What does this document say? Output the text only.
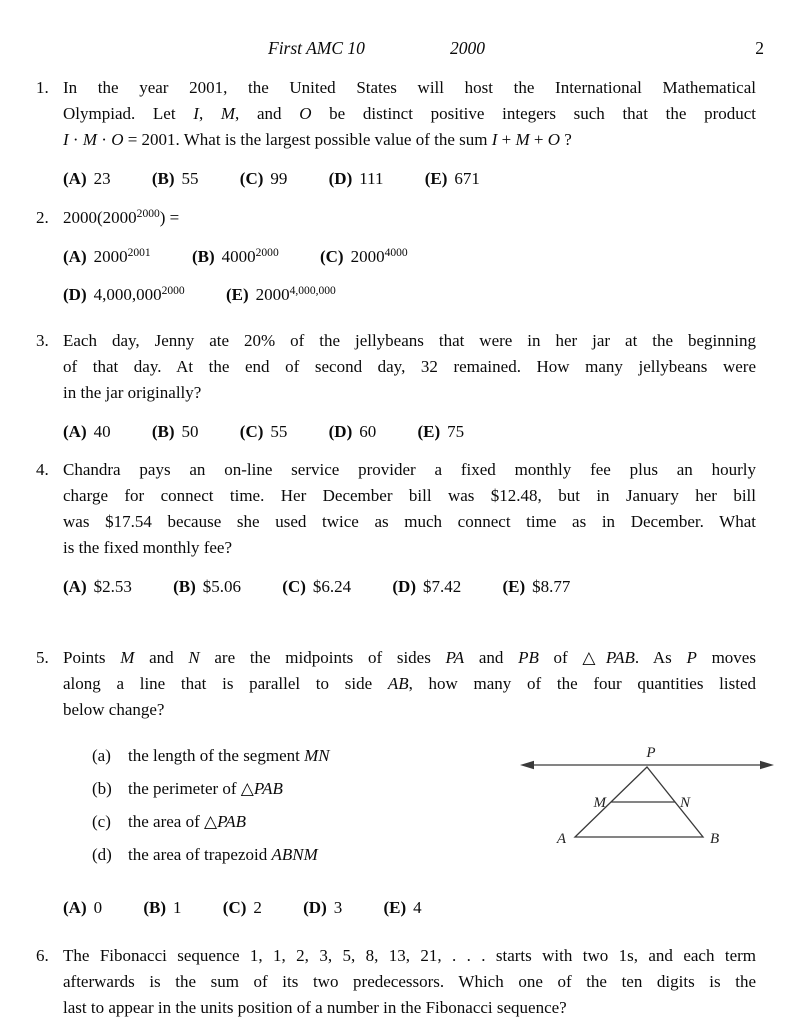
First AMC 10	2000	2
1. In the year 2001, the United States will host the International Mathematical
Olympiad. Let I, M, and O be distinct positive integers such that the product
I · M · O = 2001. What is the largest possible value of the sum I + M + O ?
(A) 23 (B) 55 (C) 99 (D) 111 (E) 671
2. $2000(2000^{2000})$ =
(A) $2000^{2001}$ (B) $4000^{2000}$ (C) $2000^{4000}$
(D) $4,000,000^{2000}$ (E) 2000$^{4,000,000}$
3. Each day, Jenny ate 20% of the jellybeans that were in her jar at the beginning
of that day. At the end of second day, 32 remained. How many jellybeans were
in the jar originally?
(A) 40 (B) 50 (C) 55 (D) 60 (E) 75
4. Chandra pays an on-line service provider a fixed monthly fee plus an hourly
charge for connect time. Her December bill was $12.48, but in January her bill
was $17.54 because she used twice as much connect time as in December. What
is the fixed monthly fee?
(A) $2.53 (B) $5.06 (C) $6.24 (D) $7.42 (E) $8.77
5. Points M and N are the midpoints of sides PA and PB of △PAB. As P moves
along a line that is parallel to side AB, how many of the four quantities listed
below change?
(a)	the length of the segment MN
(b) the perimeter of △PAB
(c)	the area of △PAB
(d) the area of trapezoid ABNM
P
M	N
A	B
(A) 0 (B) 1 (C) 2 (D) 3 (E) 4
6. The Fibonacci sequence 1, 1, 2, 3, 5, 8, 13, 21, . . . starts with two 1s, and each term
afterwards is the sum of its two predecessors. Which one of the ten digits is the
last to appear in the units position of a number in the Fibonacci sequence?
